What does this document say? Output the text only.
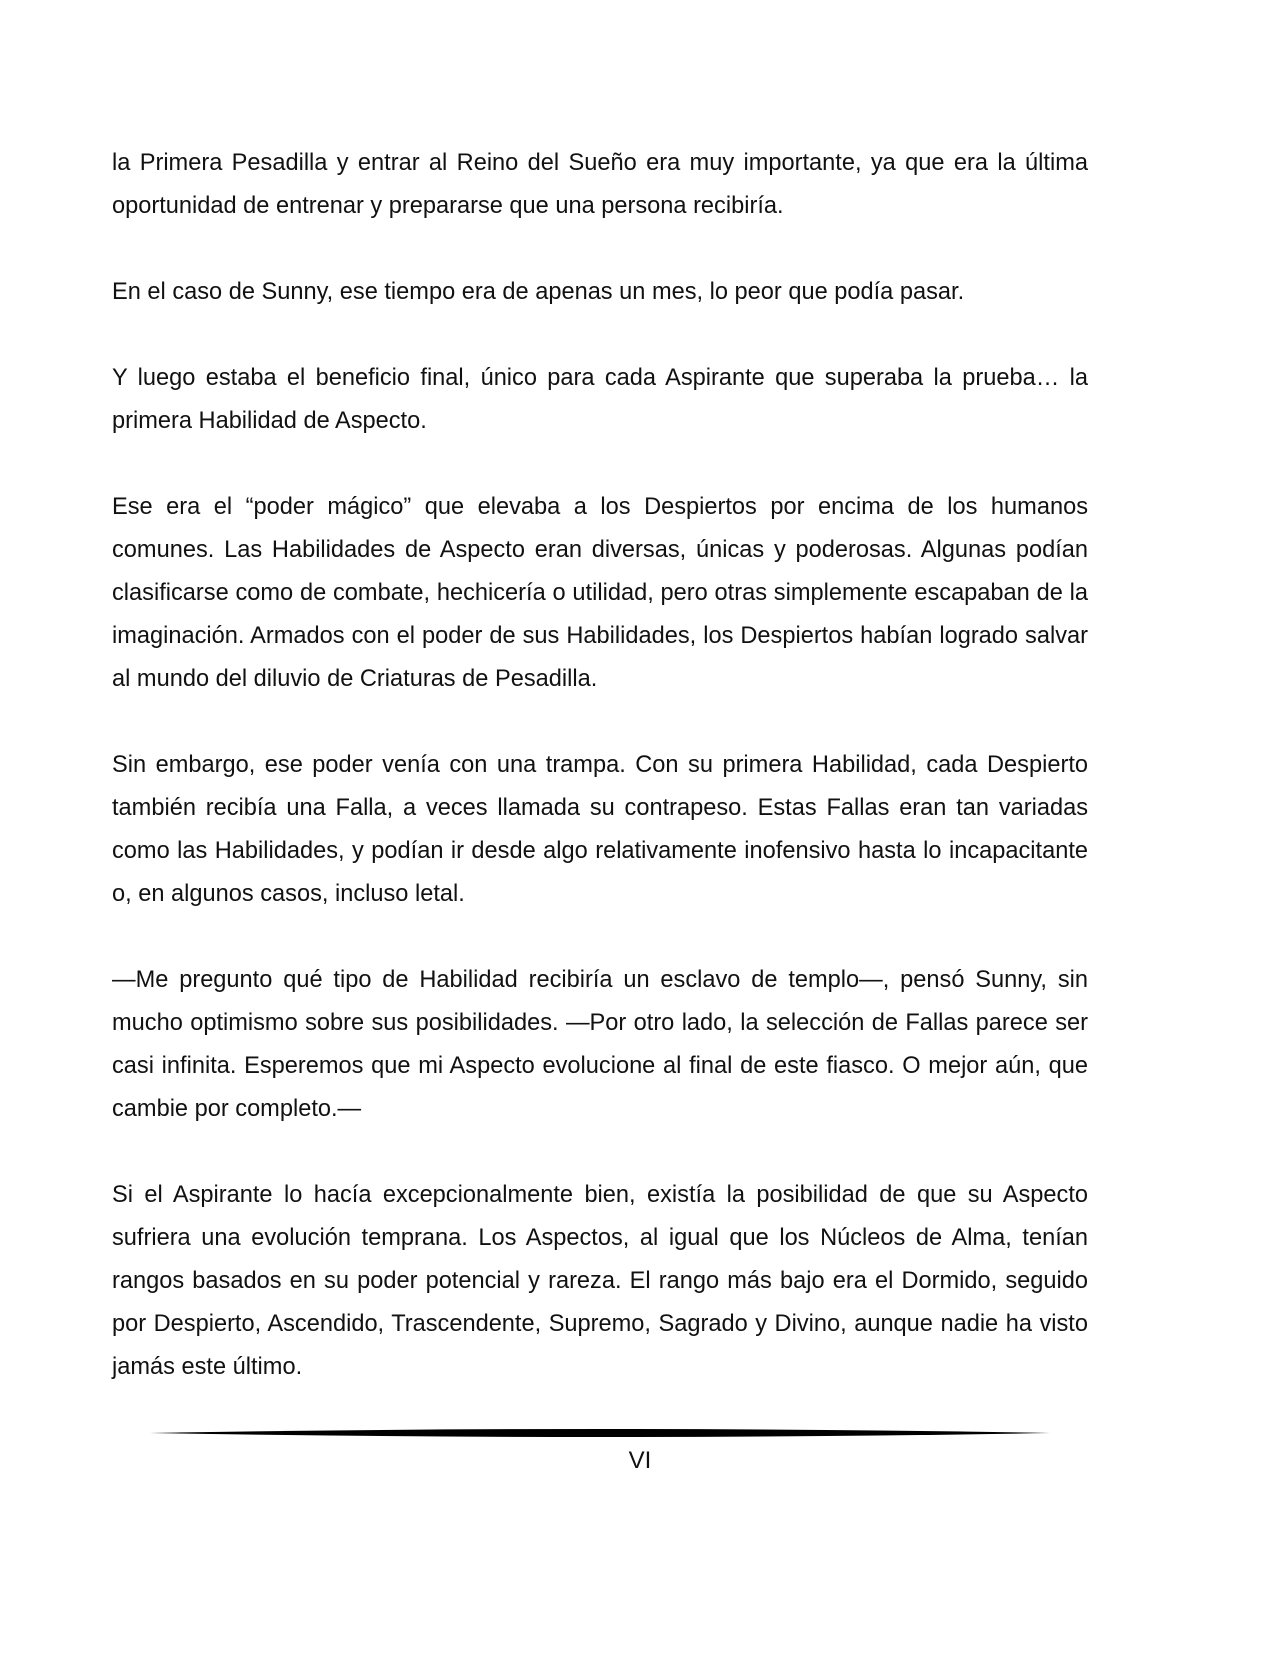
la Primera Pesadilla y entrar al Reino del Sueño era muy importante, ya que era la última oportunidad de entrenar y prepararse que una persona recibiría.

En el caso de Sunny, ese tiempo era de apenas un mes, lo peor que podía pasar.

Y luego estaba el beneficio final, único para cada Aspirante que superaba la prueba… la primera Habilidad de Aspecto.

Ese era el “poder mágico” que elevaba a los Despiertos por encima de los humanos comunes. Las Habilidades de Aspecto eran diversas, únicas y poderosas. Algunas podían clasificarse como de combate, hechicería o utilidad, pero otras simplemente escapaban de la imaginación. Armados con el poder de sus Habilidades, los Despiertos habían logrado salvar al mundo del diluvio de Criaturas de Pesadilla.

Sin embargo, ese poder venía con una trampa. Con su primera Habilidad, cada Despierto también recibía una Falla, a veces llamada su contrapeso. Estas Fallas eran tan variadas como las Habilidades, y podían ir desde algo relativamente inofensivo hasta lo incapacitante o, en algunos casos, incluso letal.

—Me pregunto qué tipo de Habilidad recibiría un esclavo de templo—, pensó Sunny, sin mucho optimismo sobre sus posibilidades. —Por otro lado, la selección de Fallas parece ser casi infinita. Esperemos que mi Aspecto evolucione al final de este fiasco. O mejor aún, que cambie por completo.—

Si el Aspirante lo hacía excepcionalmente bien, existía la posibilidad de que su Aspecto sufriera una evolución temprana. Los Aspectos, al igual que los Núcleos de Alma, tenían rangos basados en su poder potencial y rareza. El rango más bajo era el Dormido, seguido por Despierto, Ascendido, Trascendente, Supremo, Sagrado y Divino, aunque nadie ha visto jamás este último.

VI
